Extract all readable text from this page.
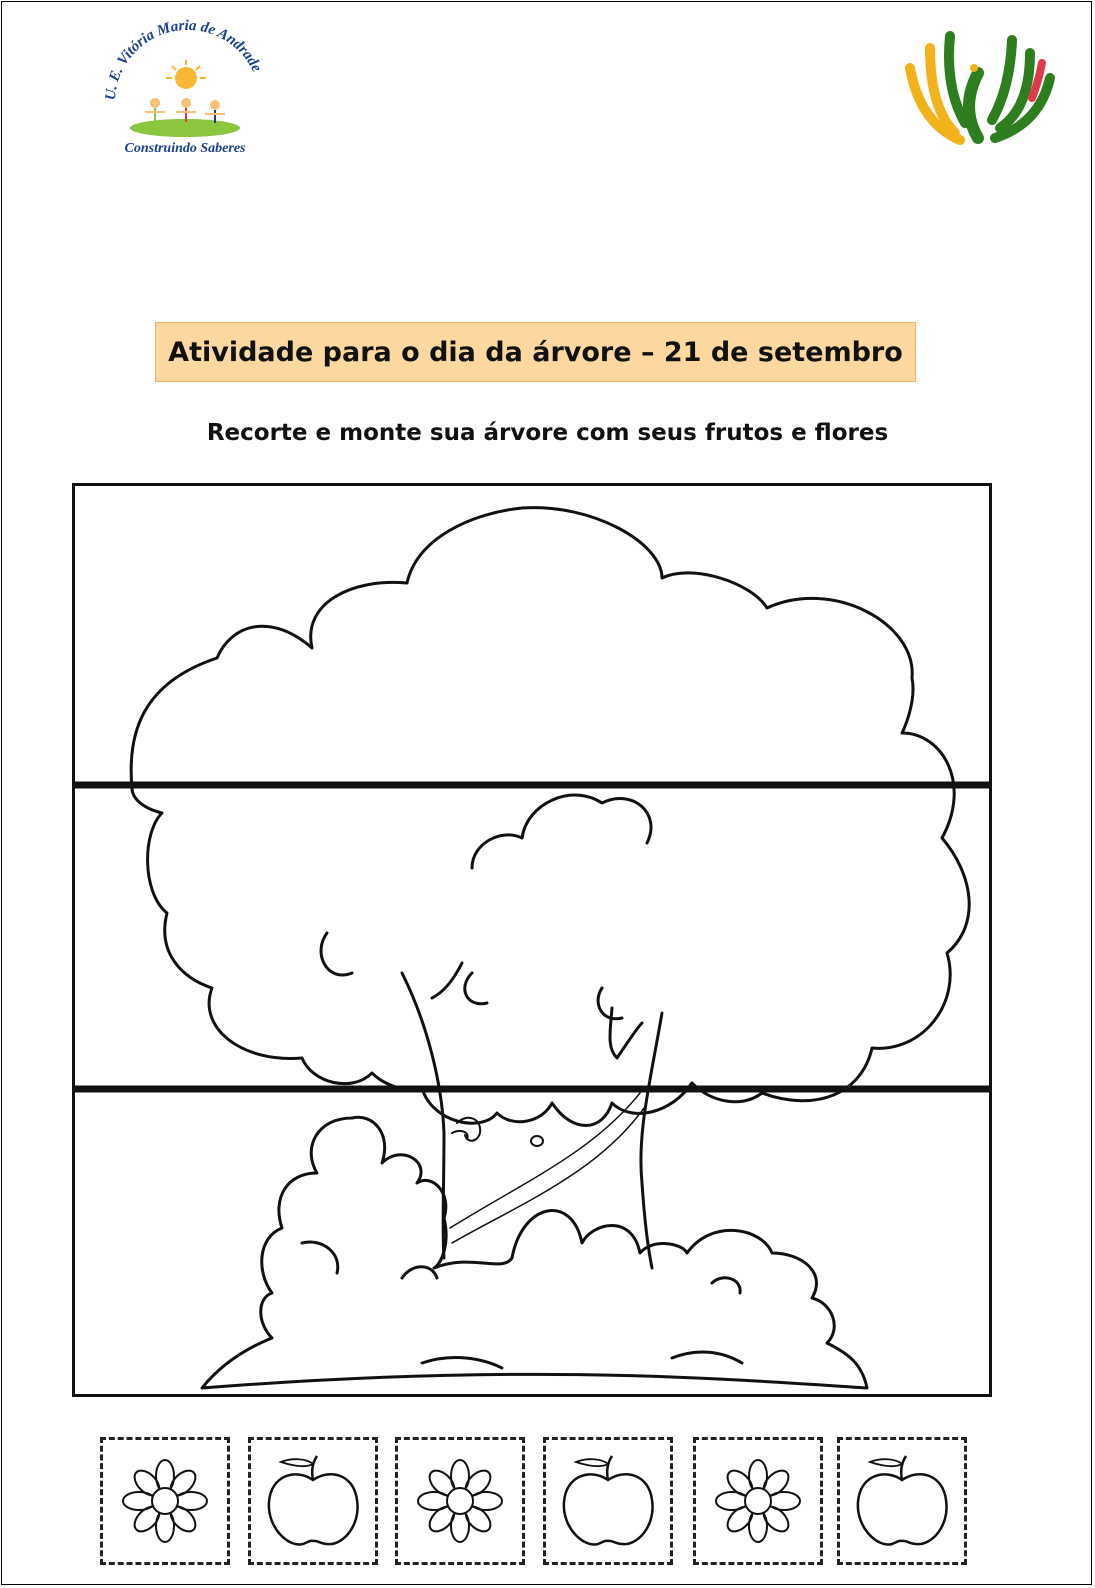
U. E. Vitória Maria de Andrade
Construindo Saberes
Atividade para o dia da árvore – 21 de setembro
Recorte e monte sua árvore com seus frutos e flores
